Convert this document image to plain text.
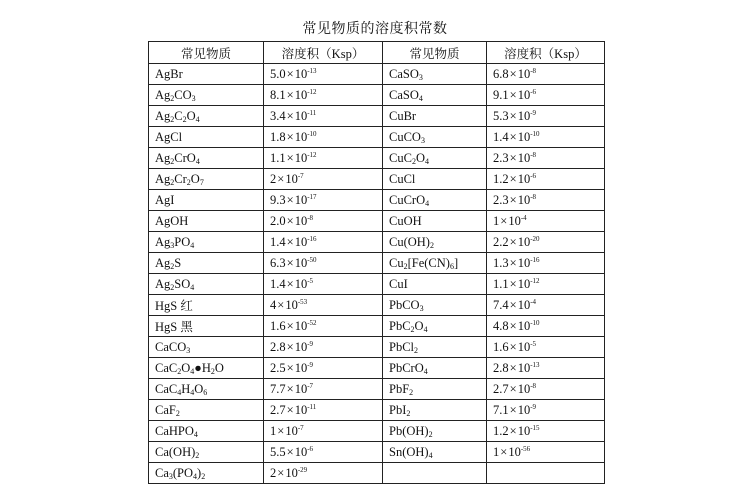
常见物质的溶度积常数
常见物质	溶度积（Ksp）	常见物质	溶度积（Ksp）
AgBr	$5.0\times 10^{-13}$	CaSO$_3$	$6.8\times 10^{-8}$
$Ag_2CO_3$	$8.1\times 10^{-12}$	CaSO$_4$	$9.1\times 10^{-6}$
$Ag_2C_2O_4$	$3.4\times 10^{-11}$	CuBr	$5.3\times 10^{-9}$
AgCl	$1.8\times 10^{-10}$	CuCO$_3$	$1.4\times 10^{-10}$
$Ag_2CrO_4$	$1.1\times 10^{-12}$	$CuC_2O_4$	$2.3\times 10^{-8}$
$Ag_2Cr_2O_7$	$2\times 10^{-7}$	CuCl	$1.2\times 10^{-6}$
AgI	$9.3\times 10^{-17}$	CuCrO$_4$	$2.3\times 10^{-8}$
AgOH	$2.0\times 10^{-8}$	CuOH	$1\times 10^{-4}$
$Ag_3PO_4$	$1.4\times 10^{-16}$	$Cu(OH)_2$	$2.2\times 10^{-20}$
$Ag_2S$	$6.3\times 10^{-50}$	$Cu_2[Fe(CN)_6]$	$1.3\times 10^{-16}$
$Ag_2SO_4$	$1.4\times 10^{-5}$	CuI	$1.1\times 10^{-12}$
HgS 红	$4\times 10^{-53}$	PbCO$_3$	$7.4\times 10^{-4}$
HgS 黑	$1.6\times 10^{-52}$	$PbC_2O_4$	$4.8\times 10^{-10}$
CaCO$_3$	$2.8\times 10^{-9}$	PbCl$_2$	$1.6\times 10^{-5}$
$CaC_2O_4●H_2O$	$2.5\times 10^{-9}$	PbCrO$_4$	$2.8\times 10^{-13}$
$CaC_4H_4O_6$	$7.7\times 10^{-7}$	PbF$_2$	$2.7\times 10^{-8}$
CaF$_2$	$2.7\times 10^{-11}$	PbI$_2$	$7.1\times 10^{-9}$
CaHPO$_4$	$1\times 10^{-7}$	$Pb(OH)_2$	$1.2\times 10^{-15}$
$Ca(OH)_2$	$5.5\times 10^{-6}$	$Sn(OH)_4$	$1\times 10^{-56}$
$Ca_3(PO_4)_2$	$2\times 10^{-29}$		
